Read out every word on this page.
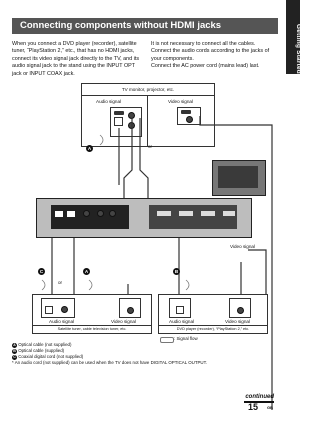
Getting Started
Connecting components without HDMI jacks
When you connect a DVD player (recorder), satellite tuner, “PlayStation 2,” etc., that has no HDMI jacks, connect its video signal jack directly to the TV, and its audio signal jack to the stand using the INPUT OPT jack or INPUT COAX jack.
It is not necessary to connect all the cables. Connect the audio cords according to the jacks of your components.
Connect the AC power cord (mains lead) last.
TV monitor, projector, etc.
Audio signal	Video signal
Video signal
A
C	A	B
or
or
Audio signal	Video signal
Satellite tuner, cable television tuner, etc.
Audio signal	Video signal
DVD player (recorder), “PlayStation 2,” etc.
: Signal flow
A Optical cable (not supplied)
B Optical cable (supplied)
C Coaxial digital cord (not supplied)
* An audio cord (not supplied) can be used when the TV does not have DIGITAL OPTICAL OUTPUT.
continued
15 GB
